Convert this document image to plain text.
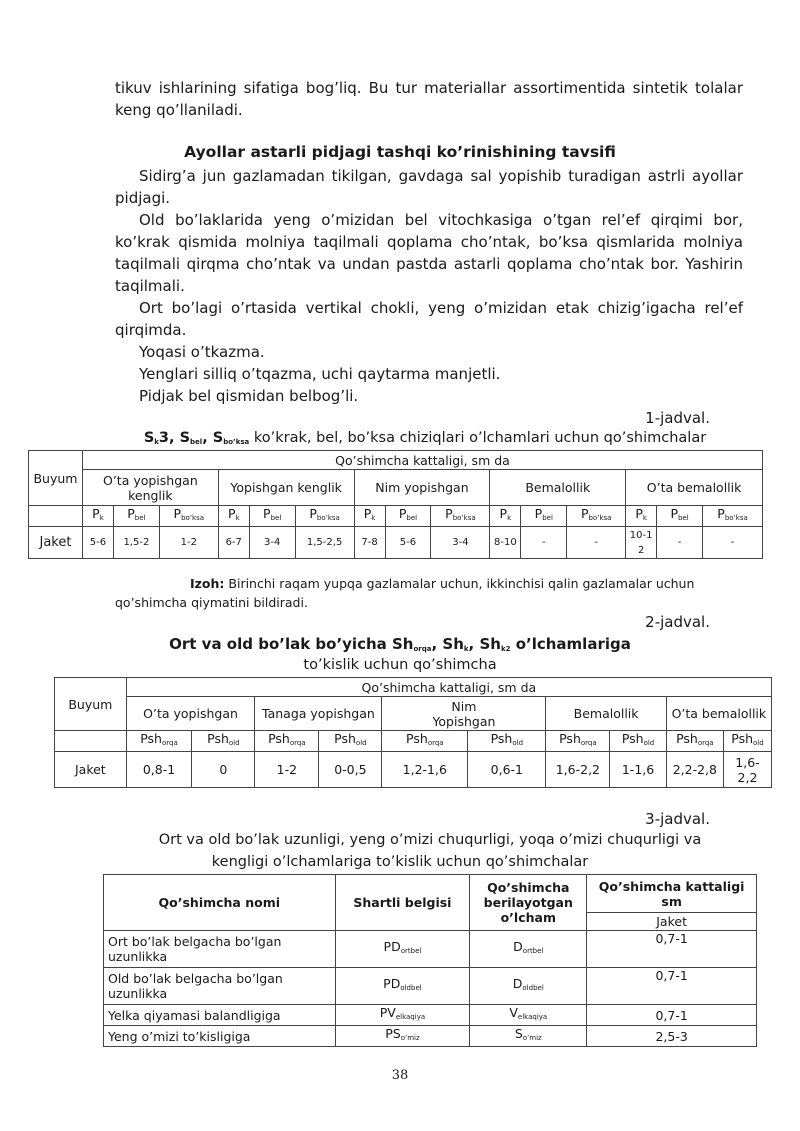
tikuv ishlarining sifatiga bog’liq. Bu tur materiallar assortimentida sintetik tolalar keng qo’llaniladi.

Ayollar astarli pidjagi tashqi ko’rinishining tavsifi

Sidirg’a jun gazlamadan tikilgan, gavdaga sal yopishib turadigan astrli ayollar pidjagi.

Old bo’laklarida yeng o’mizidan bel vitochkasiga o’tgan rel’ef qirqimi bor, ko’krak qismida molniya taqilmali qoplama cho’ntak, bo’ksa qismlarida molniya taqilmali qirqma cho’ntak va undan pastda astarli qoplama cho’ntak bor. Yashirin taqilmali.

Ort bo’lagi o’rtasida vertikal chokli, yeng o’mizidan etak chizig’igacha rel’ef qirqimda.

Yoqasi o’tkazma.

Yenglari silliq o’tqazma, uchi qaytarma manjetli.

Pidjak bel qismidan belbog’li.

1-jadval.

$S_k3$, $S_{bel}$, $S_{bo’ksa}$ ko’krak, bel, bo’ksa chiziqlari o’lchamlari uchun qo’shimchalar

Buyum	Qo’shimcha kattaligi, sm da														
	O’ta yopishgan kenglik			Yopishgan kenglik			Nim yopishgan			Bemalollik			O’ta bemalollik		
	$P_k$	$P_{bel}$	$P_{bo’ksa}$	$P_k$	$P_{bel}$	$P_{bo’ksa}$	$P_k$	$P_{bel}$	$P_{bo’ksa}$	$P_k$	$P_{bel}$	$P_{bo’ksa}$	$P_k$	$P_{bel}$	$P_{bo’ksa}$
Jaket	5-6	1,5-2	1-2	6-7	3-4	1,5-2,5	7-8	5-6	3-4	8-10	-	-	10-12	-	-

Izoh: Birinchi raqam yupqa gazlamalar uchun, ikkinchisi qalin gazlamalar uchun qo’shimcha qiymatini bildiradi.

2-jadval.

Ort va old bo’lak bo’yicha $Sh_{orqa}$, $Sh_k$, $Sh_{k2}$ o’lchamlariga

to’kislik uchun qo’shimcha

Buyum	Qo’shimcha kattaligi, sm da									
	O’ta yopishgan		Tanaga yopishgan		Nim Yopishgan		Bemalollik		O’ta bemalollik	
	Psh$_{orqa}$	Psh$_{old}$	Psh$_{orqa}$	Psh$_{old}$	Psh$_{orqa}$	Psh$_{old}$	Psh$_{orqa}$	Psh$_{old}$	Psh$_{orqa}$	Psh$_{old}$
Jaket	0,8-1	0	1-2	0-0,5	1,2-1,6	0,6-1	1,6-2,2	1-1,6	2,2-2,8	1,6-2,2

3-jadval.

Ort va old bo’lak uzunligi, yeng o’mizi chuqurligi, yoqa o’mizi chuqurligi va

kengligi o’lchamlariga to’kislik uchun qo’shimchalar

Qo’shimcha nomi	Shartli belgisi	Qo’shimcha berilayotgan o’lcham	Qo’shimcha kattaligi sm
			Jaket
Ort bo’lak belgacha bo’lgan uzunlikka	$PD_{ortbel}$	$D_{ortbel}$	0,7-1
Old bo’lak belgacha bo’lgan uzunlikka	$PD_{oldbel}$	$D_{oldbel}$	0,7-1
Yelka qiyamasi balandligiga	$PV_{elkaqiya}$	$V_{elkaqiya}$	0,7-1
Yeng o’mizi to’kisligiga	$PS_{o’miz}$	$S_{o’miz}$	2,5-3

38
